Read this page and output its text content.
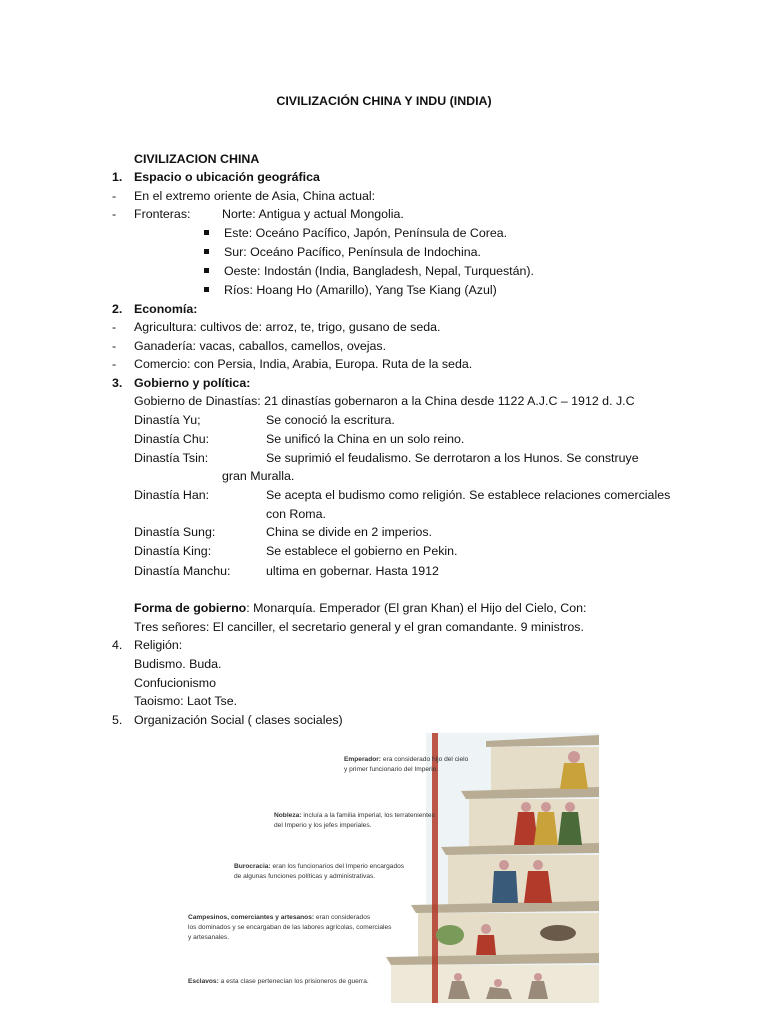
CIVILIZACIÓN CHINA Y INDU (INDIA)
CIVILIZACION CHINA
1. Espacio o ubicación geográfica
- En el extremo oriente de Asia, China actual:
- Fronteras:	Norte: Antigua y actual Mongolia.
Este: Oceáno Pacífico, Japón, Península de Corea.
Sur: Oceáno Pacífico, Península de Indochina.
Oeste: Indostán (India, Bangladesh, Nepal, Turquestán).
Ríos: Hoang Ho (Amarillo), Yang Tse Kiang (Azul)
2. Economía:
- Agricultura: cultivos de: arroz, te, trigo, gusano de seda.
- Ganadería: vacas, caballos, camellos, ovejas.
- Comercio: con Persia, India, Arabia, Europa. Ruta de la seda.
3. Gobierno y política:
Gobierno de Dinastías: 21 dinastías gobernaron a la China desde 1122 A.J.C – 1912 d. J.C
Dinastía Yu;	Se conoció la escritura.
Dinastía Chu:	Se unificó la China en un solo reino.
Dinastía Tsin:	Se suprimió el feudalismo. Se derrotaron a los Hunos. Se construye
gran Muralla.
Dinastía Han:	Se acepta el budismo como religión. Se establece relaciones comerciales
con Roma.
Dinastía Sung:	China se divide en 2 imperios.
Dinastía King:	Se establece el gobierno en Pekin.
Dinastía Manchu:	ultima en gobernar. Hasta 1912
Forma de gobierno: Monarquía. Emperador (El gran Khan) el Hijo del Cielo, Con:
Tres señores: El canciller, el secretario general y el gran comandante. 9 ministros.
4. Religión:
Budismo. Buda.
Confucionismo
Taoismo: Laot Tse.
5. Organización Social ( clases sociales)
Emperador: era considerado hijo del cielo
y primer funcionario del Imperio.
Nobleza: incluía a la familia imperial, los terratenientes
del Imperio y los jefes imperiales.
Burocracia: eran los funcionarios del Imperio encargados
de algunas funciones políticas y administrativas.
Campesinos, comerciantes y artesanos: eran considerados
los dominados y se encargaban de las labores agrícolas, comerciales
y artesanales.
Esclavos: a esta clase pertenecían los prisioneros de guerra.
